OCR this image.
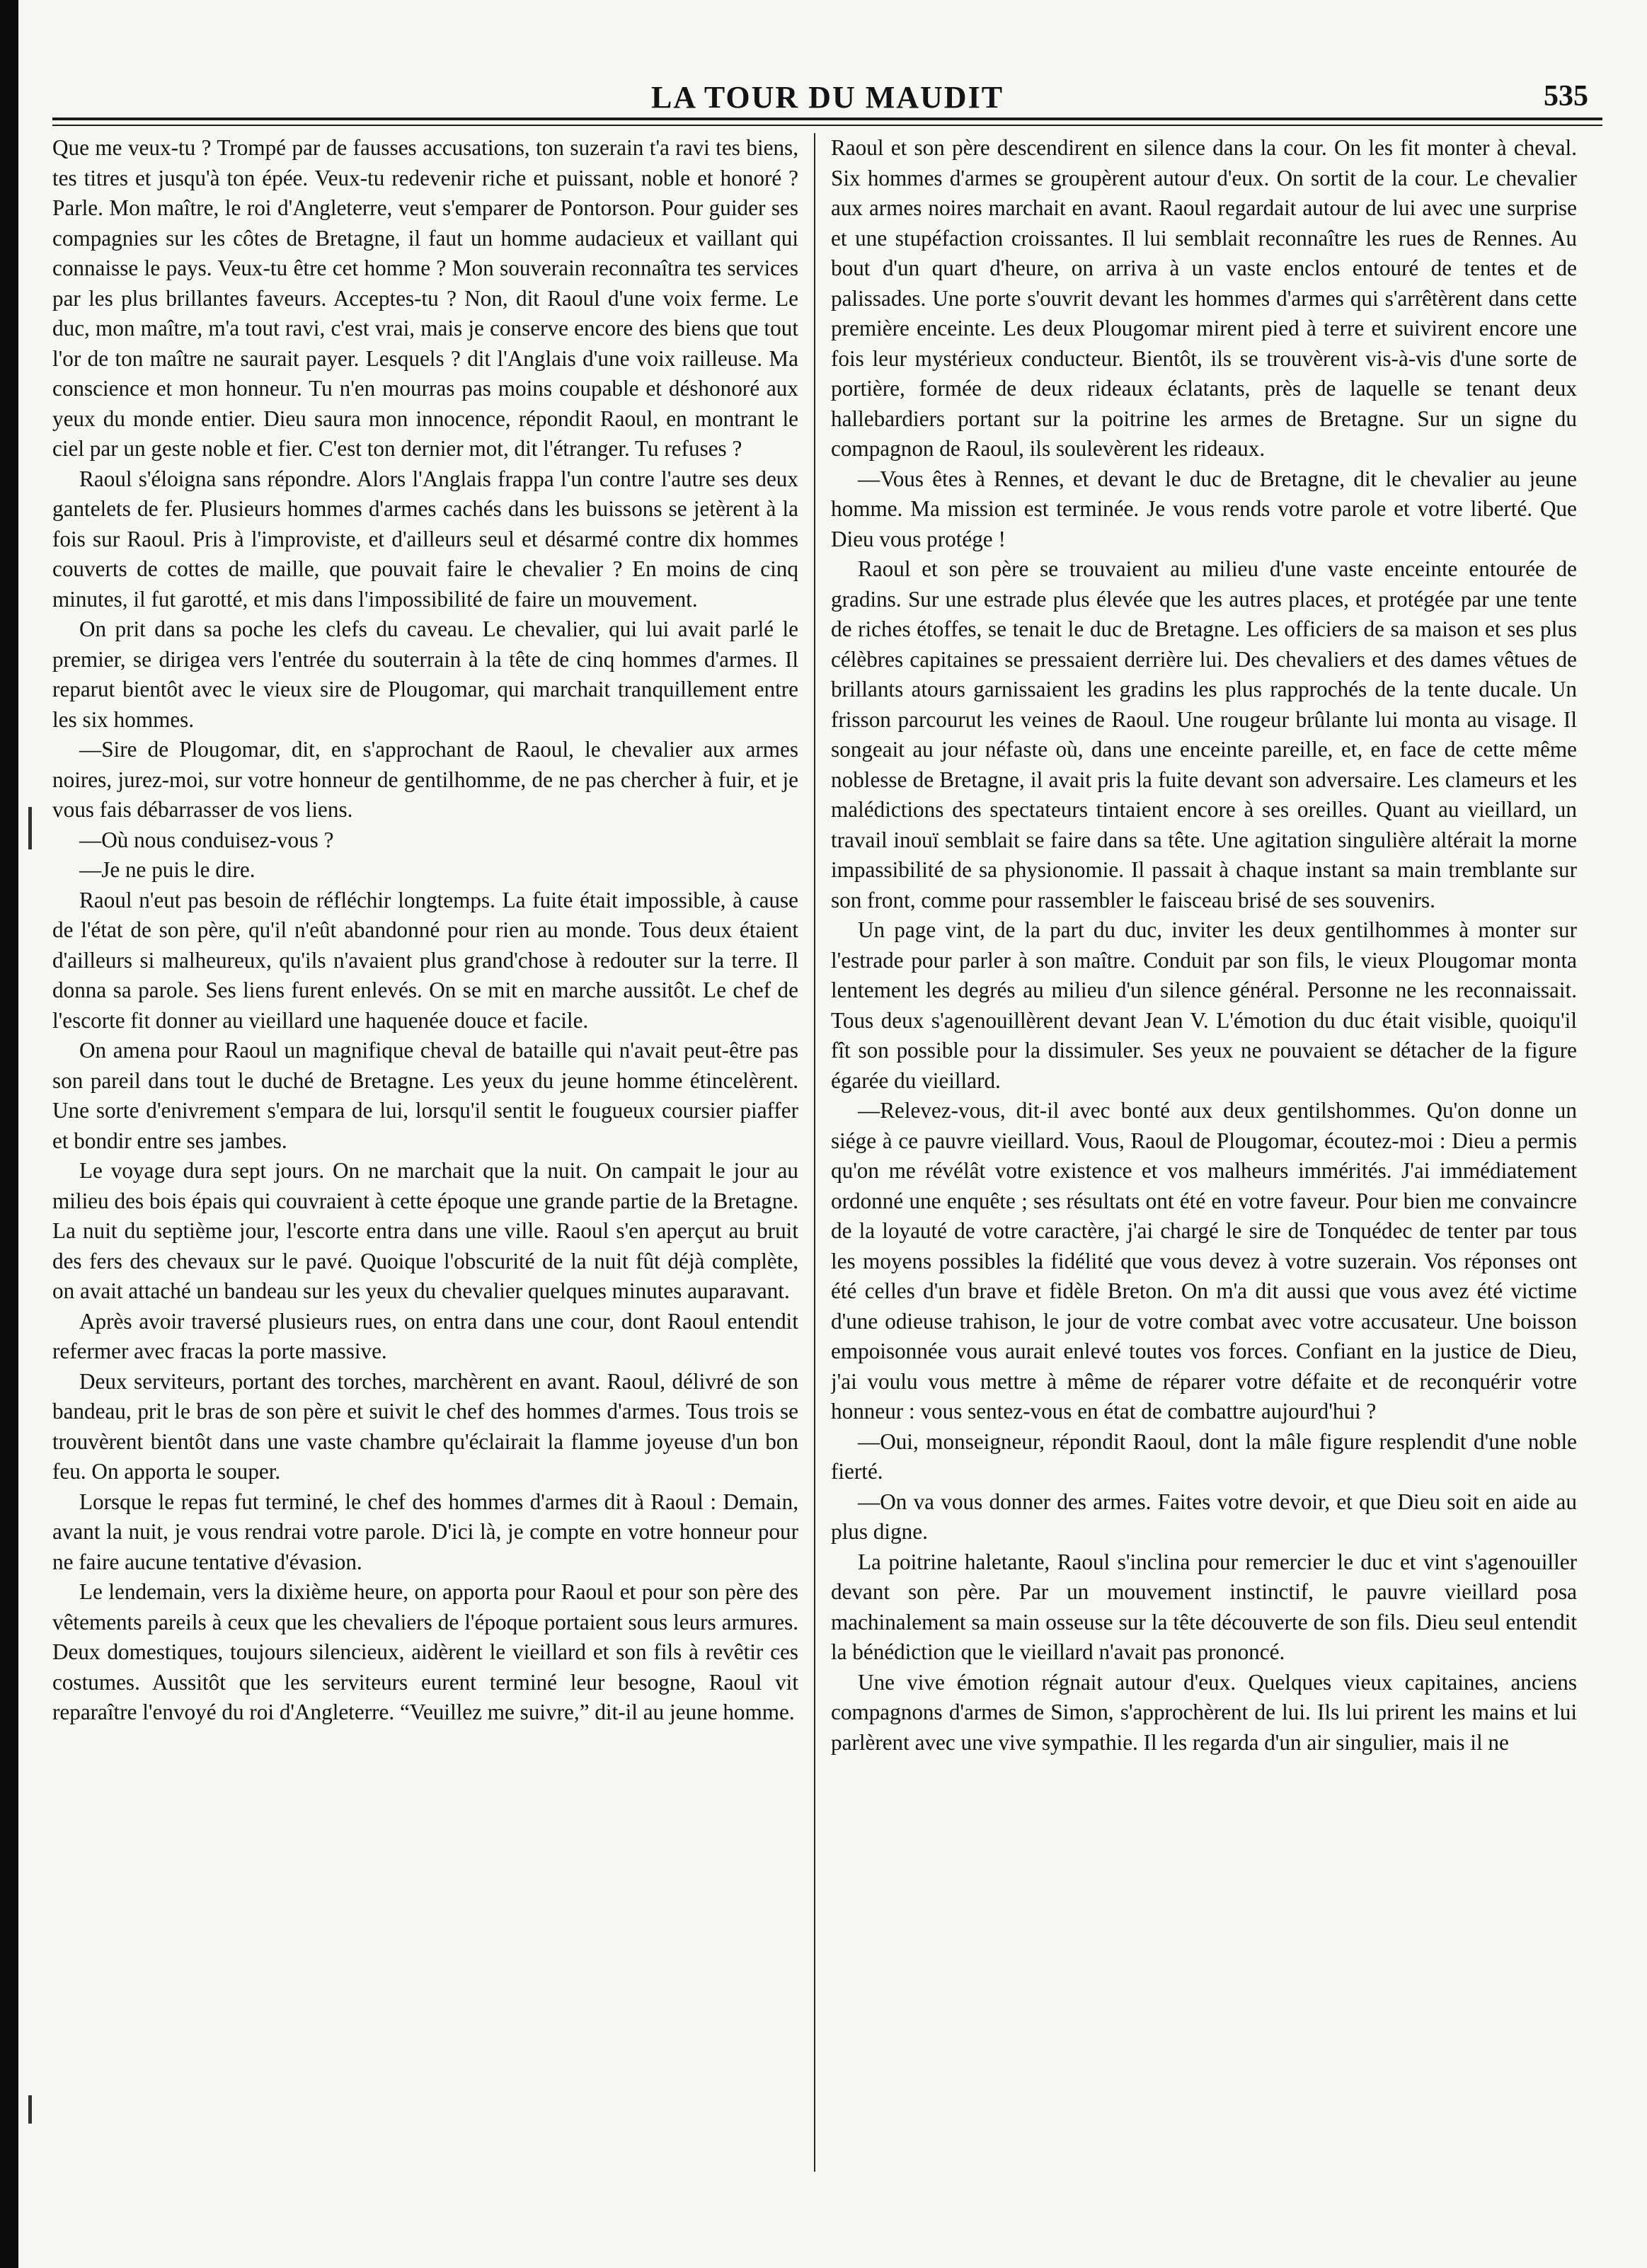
LA TOUR DU MAUDIT	535

Que me veux-tu ? Trompé par de fausses accusations, ton suzerain t'a ravi tes biens, tes titres et jusqu'à ton épée. Veux-tu redevenir riche et puissant, noble et honoré ? Parle. Mon maître, le roi d'Angleterre, veut s'emparer de Pontorson. Pour guider ses compagnies sur les côtes de Bretagne, il faut un homme audacieux et vaillant qui connaisse le pays. Veux-tu être cet homme ? Mon souverain reconnaîtra tes services par les plus brillantes faveurs. Acceptes-tu ? Non, dit Raoul d'une voix ferme. Le duc, mon maître, m'a tout ravi, c'est vrai, mais je conserve encore des biens que tout l'or de ton maître ne saurait payer. Lesquels ? dit l'Anglais d'une voix railleuse. Ma conscience et mon honneur. Tu n'en mourras pas moins coupable et déshonoré aux yeux du monde entier. Dieu saura mon innocence, répondit Raoul, en montrant le ciel par un geste noble et fier. C'est ton dernier mot, dit l'étranger. Tu refuses ?

Raoul s'éloigna sans répondre. Alors l'Anglais frappa l'un contre l'autre ses deux gantelets de fer. Plusieurs hommes d'armes cachés dans les buissons se jetèrent à la fois sur Raoul. Pris à l'improviste, et d'ailleurs seul et désarmé contre dix hommes couverts de cottes de maille, que pouvait faire le chevalier ? En moins de cinq minutes, il fut garotté, et mis dans l'impossibilité de faire un mouvement.

On prit dans sa poche les clefs du caveau. Le chevalier, qui lui avait parlé le premier, se dirigea vers l'entrée du souterrain à la tête de cinq hommes d'armes. Il reparut bientôt avec le vieux sire de Plougomar, qui marchait tranquillement entre les six hommes.

—Sire de Plougomar, dit, en s'approchant de Raoul, le chevalier aux armes noires, jurez-moi, sur votre honneur de gentilhomme, de ne pas chercher à fuir, et je vous fais débarrasser de vos liens.

—Où nous conduisez-vous ?

—Je ne puis le dire.

Raoul n'eut pas besoin de réfléchir longtemps. La fuite était impossible, à cause de l'état de son père, qu'il n'eût abandonné pour rien au monde. Tous deux étaient d'ailleurs si malheureux, qu'ils n'avaient plus grand'chose à redouter sur la terre. Il donna sa parole. Ses liens furent enlevés. On se mit en marche aussitôt. Le chef de l'escorte fit donner au vieillard une haquenée douce et facile.

On amena pour Raoul un magnifique cheval de bataille qui n'avait peut-être pas son pareil dans tout le duché de Bretagne. Les yeux du jeune homme étincelèrent. Une sorte d'enivrement s'empara de lui, lorsqu'il sentit le fougueux coursier piaffer et bondir entre ses jambes.

Le voyage dura sept jours. On ne marchait que la nuit. On campait le jour au milieu des bois épais qui couvraient à cette époque une grande partie de la Bretagne. La nuit du septième jour, l'escorte entra dans une ville. Raoul s'en aperçut au bruit des fers des chevaux sur le pavé. Quoique l'obscurité de la nuit fût déjà complète, on avait attaché un bandeau sur les yeux du chevalier quelques minutes auparavant.

Après avoir traversé plusieurs rues, on entra dans une cour, dont Raoul entendit refermer avec fracas la porte massive.

Deux serviteurs, portant des torches, marchèrent en avant. Raoul, délivré de son bandeau, prit le bras de son père et suivit le chef des hommes d'armes. Tous trois se trouvèrent bientôt dans une vaste chambre qu'éclairait la flamme joyeuse d'un bon feu. On apporta le souper.

Lorsque le repas fut terminé, le chef des hommes d'armes dit à Raoul : Demain, avant la nuit, je vous rendrai votre parole. D'ici là, je compte en votre honneur pour ne faire aucune tentative d'évasion.

Le lendemain, vers la dixième heure, on apporta pour Raoul et pour son père des vêtements pareils à ceux que les chevaliers de l'époque portaient sous leurs armures. Deux domestiques, toujours silencieux, aidèrent le vieillard et son fils à revêtir ces costumes. Aussitôt que les serviteurs eurent terminé leur besogne, Raoul vit reparaître l'envoyé du roi d'Angleterre. “Veuillez me suivre,” dit-il au jeune homme.

Raoul et son père descendirent en silence dans la cour. On les fit monter à cheval. Six hommes d'armes se groupèrent autour d'eux. On sortit de la cour. Le chevalier aux armes noires marchait en avant. Raoul regardait autour de lui avec une surprise et une stupéfaction croissantes. Il lui semblait reconnaître les rues de Rennes. Au bout d'un quart d'heure, on arriva à un vaste enclos entouré de tentes et de palissades. Une porte s'ouvrit devant les hommes d'armes qui s'arrêtèrent dans cette première enceinte. Les deux Plougomar mirent pied à terre et suivirent encore une fois leur mystérieux conducteur. Bientôt, ils se trouvèrent vis-à-vis d'une sorte de portière, formée de deux rideaux éclatants, près de laquelle se tenant deux hallebardiers portant sur la poitrine les armes de Bretagne. Sur un signe du compagnon de Raoul, ils soulevèrent les rideaux.

—Vous êtes à Rennes, et devant le duc de Bretagne, dit le chevalier au jeune homme. Ma mission est terminée. Je vous rends votre parole et votre liberté. Que Dieu vous protége !

Raoul et son père se trouvaient au milieu d'une vaste enceinte entourée de gradins. Sur une estrade plus élevée que les autres places, et protégée par une tente de riches étoffes, se tenait le duc de Bretagne. Les officiers de sa maison et ses plus célèbres capitaines se pressaient derrière lui. Des chevaliers et des dames vêtues de brillants atours garnissaient les gradins les plus rapprochés de la tente ducale. Un frisson parcourut les veines de Raoul. Une rougeur brûlante lui monta au visage. Il songeait au jour néfaste où, dans une enceinte pareille, et, en face de cette même noblesse de Bretagne, il avait pris la fuite devant son adversaire. Les clameurs et les malédictions des spectateurs tintaient encore à ses oreilles. Quant au vieillard, un travail inouï semblait se faire dans sa tête. Une agitation singulière altérait la morne impassibilité de sa physionomie. Il passait à chaque instant sa main tremblante sur son front, comme pour rassembler le faisceau brisé de ses souvenirs.

Un page vint, de la part du duc, inviter les deux gentilhommes à monter sur l'estrade pour parler à son maître. Conduit par son fils, le vieux Plougomar monta lentement les degrés au milieu d'un silence général. Personne ne les reconnaissait. Tous deux s'agenouillèrent devant Jean V. L'émotion du duc était visible, quoiqu'il fît son possible pour la dissimuler. Ses yeux ne pouvaient se détacher de la figure égarée du vieillard.

—Relevez-vous, dit-il avec bonté aux deux gentilshommes. Qu'on donne un siége à ce pauvre vieillard. Vous, Raoul de Plougomar, écoutez-moi : Dieu a permis qu'on me révélât votre existence et vos malheurs immérités. J'ai immédiatement ordonné une enquête ; ses résultats ont été en votre faveur. Pour bien me convaincre de la loyauté de votre caractère, j'ai chargé le sire de Tonquédec de tenter par tous les moyens possibles la fidélité que vous devez à votre suzerain. Vos réponses ont été celles d'un brave et fidèle Breton. On m'a dit aussi que vous avez été victime d'une odieuse trahison, le jour de votre combat avec votre accusateur. Une boisson empoisonnée vous aurait enlevé toutes vos forces. Confiant en la justice de Dieu, j'ai voulu vous mettre à même de réparer votre défaite et de reconquérir votre honneur : vous sentez-vous en état de combattre aujourd'hui ?

—Oui, monseigneur, répondit Raoul, dont la mâle figure resplendit d'une noble fierté.

—On va vous donner des armes. Faites votre devoir, et que Dieu soit en aide au plus digne.

La poitrine haletante, Raoul s'inclina pour remercier le duc et vint s'agenouiller devant son père. Par un mouvement instinctif, le pauvre vieillard posa machinalement sa main osseuse sur la tête découverte de son fils. Dieu seul entendit la bénédiction que le vieillard n'avait pas prononcé.

Une vive émotion régnait autour d'eux. Quelques vieux capitaines, anciens compagnons d'armes de Simon, s'approchèrent de lui. Ils lui prirent les mains et lui parlèrent avec une vive sympathie. Il les regarda d'un air singulier, mais il ne
